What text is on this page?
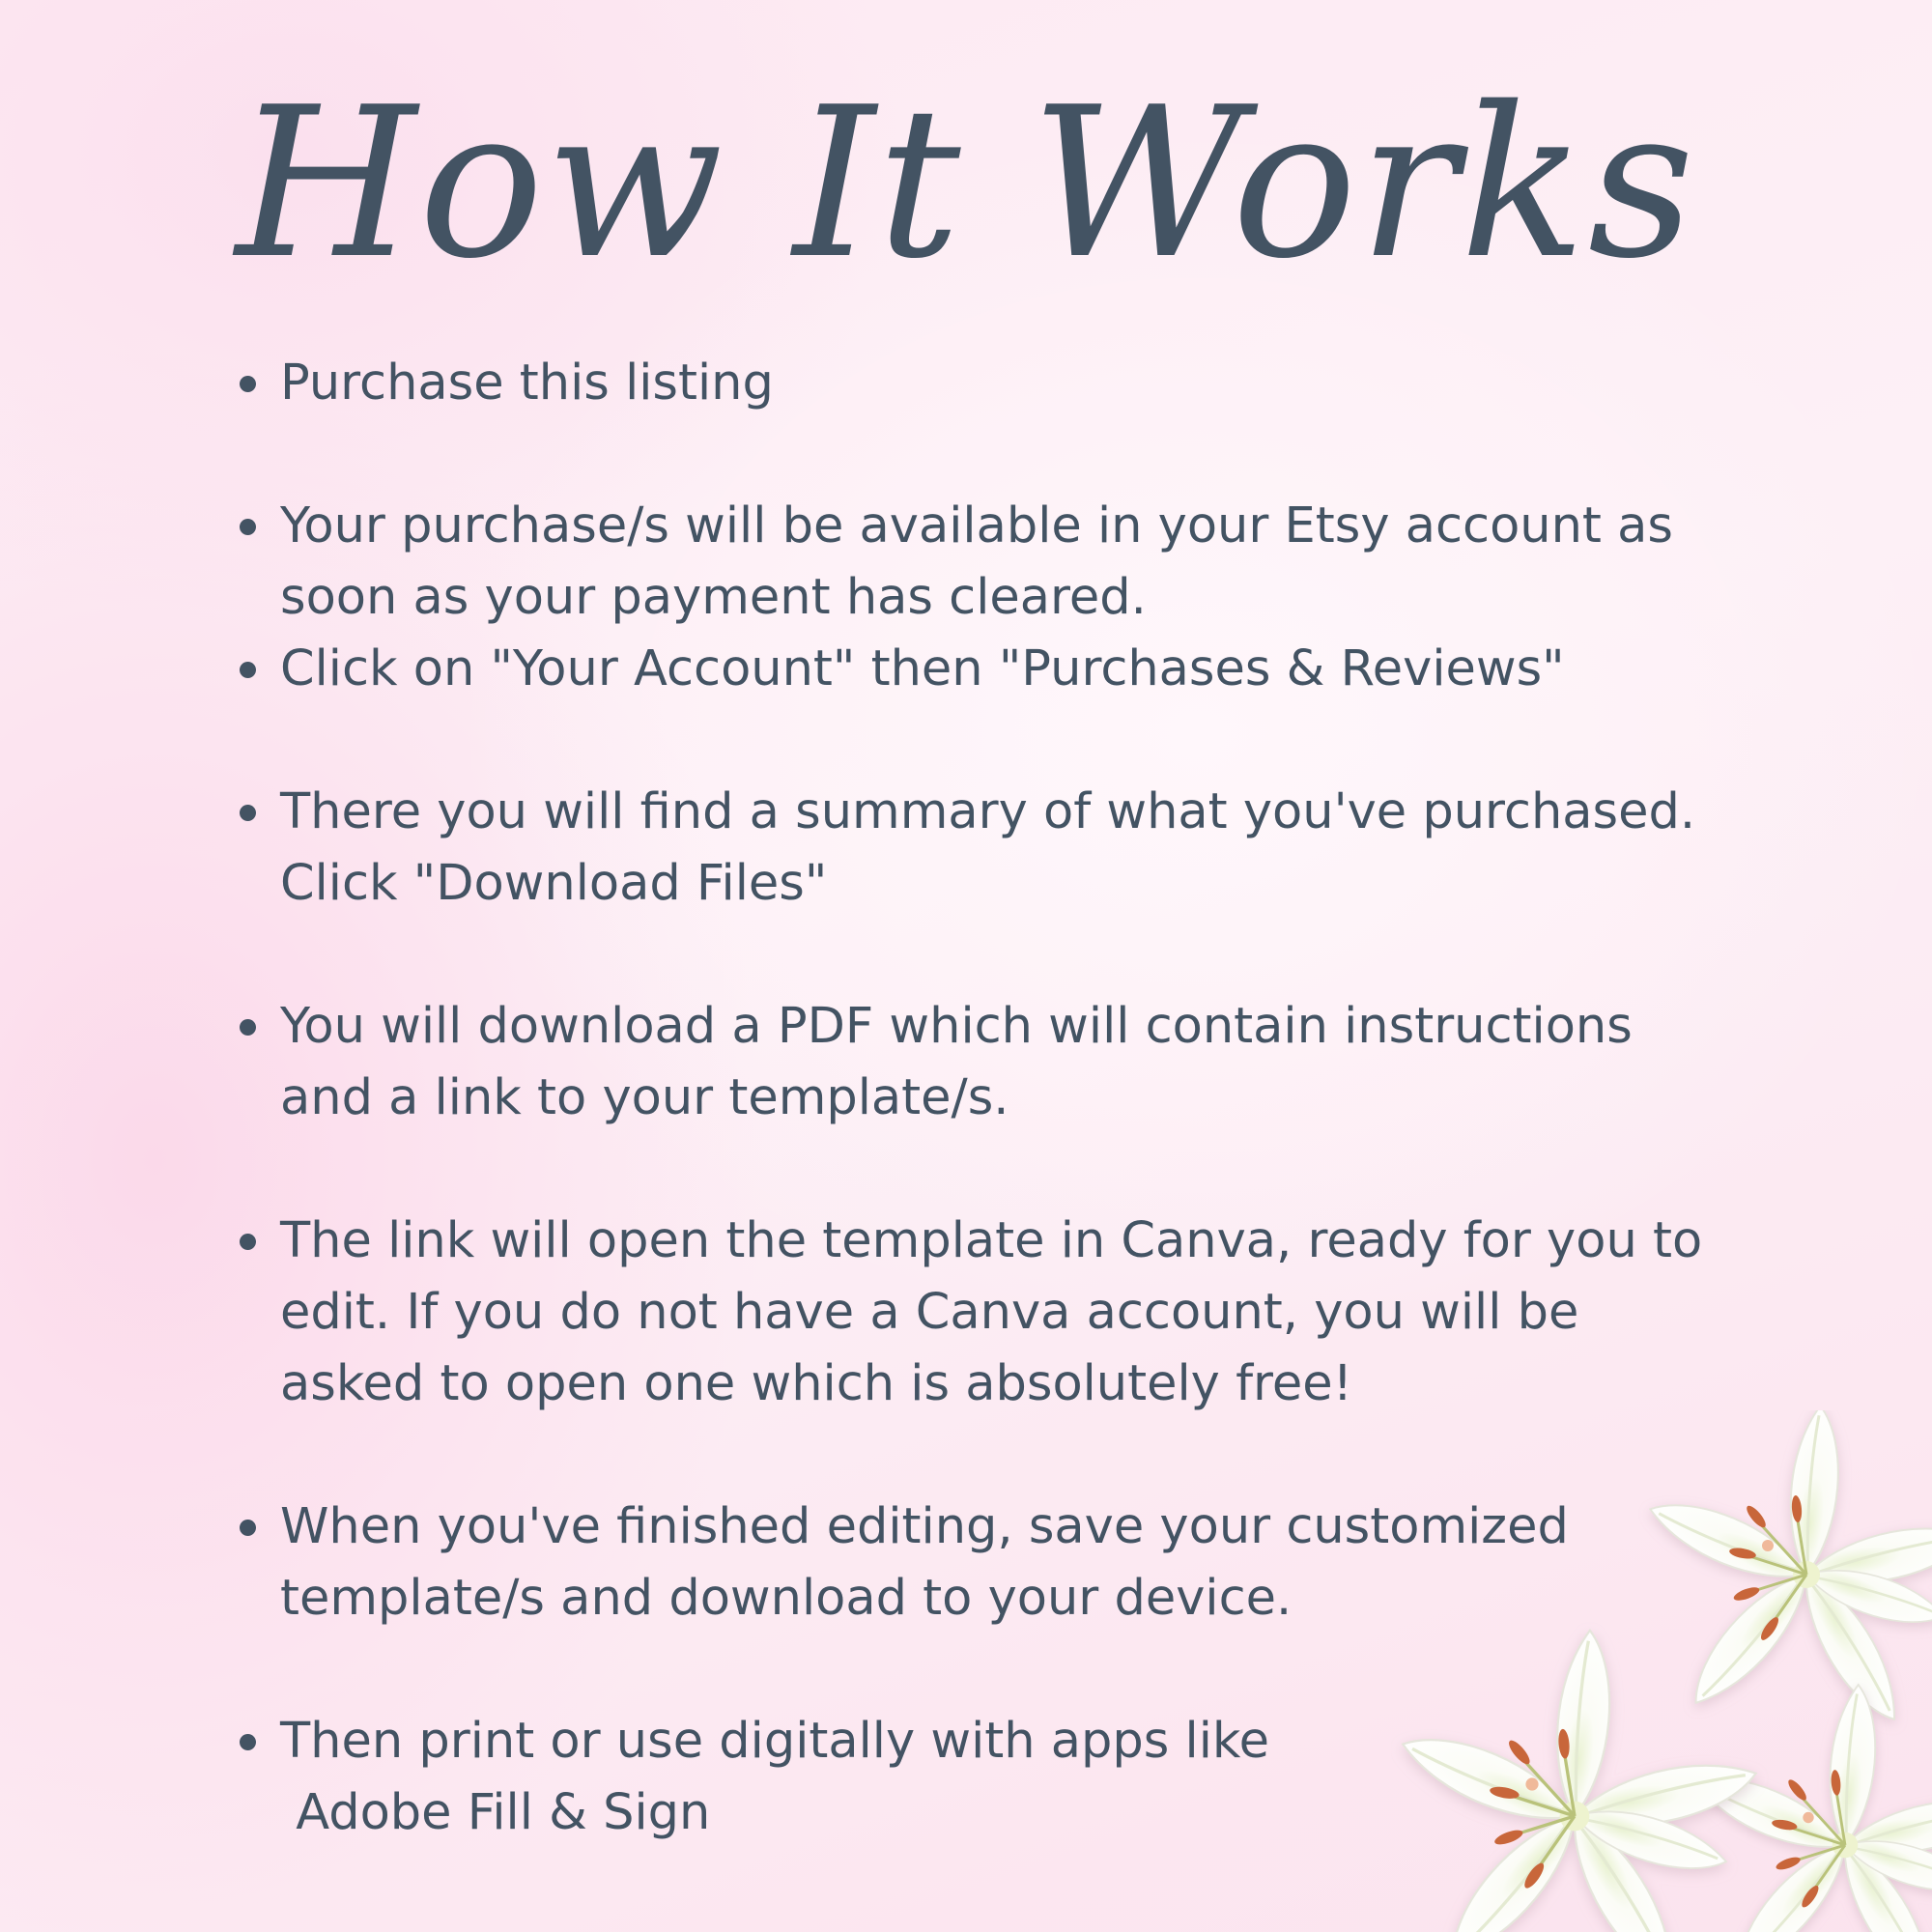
How It Works
Purchase this listing
Your purchase/s will be available in your Etsy account as
soon as your payment has cleared.
Click on "Your Account" then "Purchases & Reviews"
There you will find a summary of what you've purchased.
Click "Download Files"
You will download a PDF which will contain instructions
and a link to your template/s.
The link will open the template in Canva, ready for you to
edit. If you do not have a Canva account, you will be
asked to open one which is absolutely free!
When you've finished editing, save your customized
template/s and download to your device.
Then print or use digitally with apps like
Adobe Fill & Sign
